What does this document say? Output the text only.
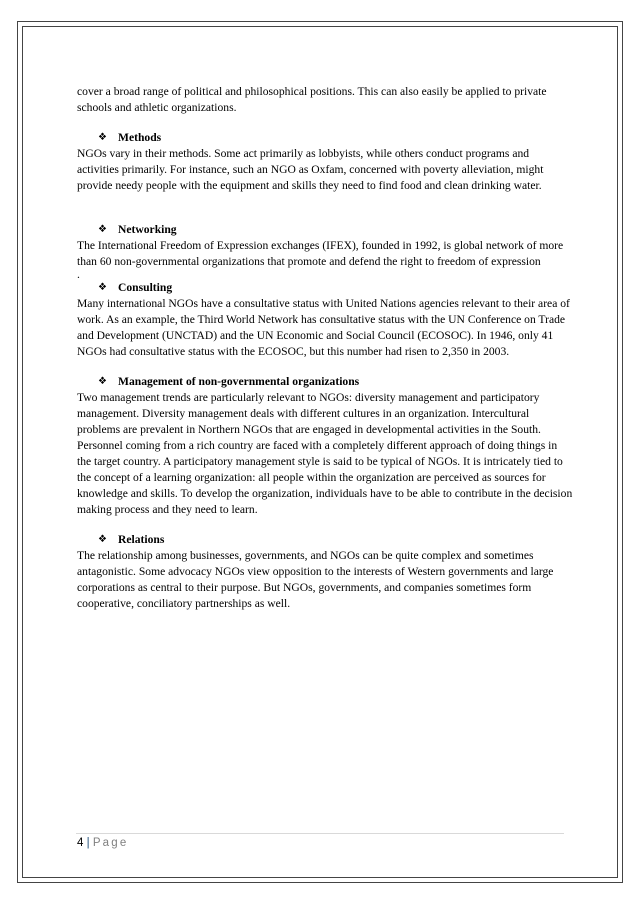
cover a broad range of political and philosophical positions. This can also easily be applied to private schools and athletic organizations.

❖ Methods

NGOs vary in their methods. Some act primarily as lobbyists, while others conduct programs and activities primarily. For instance, such an NGO as Oxfam, concerned with poverty alleviation, might provide needy people with the equipment and skills they need to find food and clean drinking water.

❖ Networking

The International Freedom of Expression exchanges (IFEX), founded in 1992, is global network of more than 60 non-governmental organizations that promote and defend the right to freedom of expression

.

❖ Consulting

Many international NGOs have a consultative status with United Nations agencies relevant to their area of work. As an example, the Third World Network has consultative status with the UN Conference on Trade and Development (UNCTAD) and the UN Economic and Social Council (ECOSOC). In 1946, only 41 NGOs had consultative status with the ECOSOC, but this number had risen to 2,350 in 2003.

❖ Management of non-governmental organizations

Two management trends are particularly relevant to NGOs: diversity management and participatory management. Diversity management deals with different cultures in an organization. Intercultural problems are prevalent in Northern NGOs that are engaged in developmental activities in the South. Personnel coming from a rich country are faced with a completely different approach of doing things in the target country. A participatory management style is said to be typical of NGOs. It is intricately tied to the concept of a learning organization: all people within the organization are perceived as sources for knowledge and skills. To develop the organization, individuals have to be able to contribute in the decision making process and they need to learn.

❖ Relations

The relationship among businesses, governments, and NGOs can be quite complex and sometimes antagonistic. Some advocacy NGOs view opposition to the interests of Western governments and large corporations as central to their purpose. But NGOs, governments, and companies sometimes form cooperative, conciliatory partnerships as well.

4 | Page
